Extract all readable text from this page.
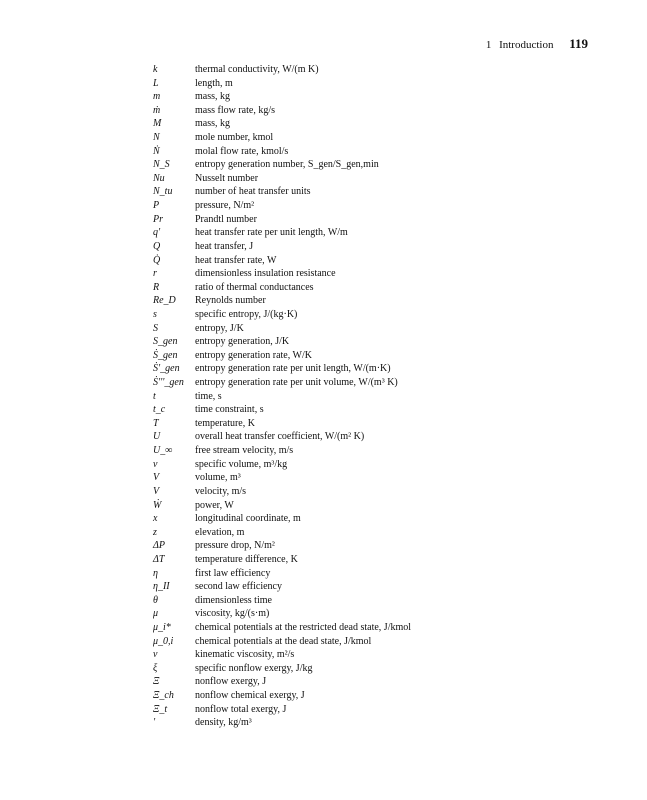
1 Introduction 119
k	thermal conductivity, W/(m K)
L	length, m
m	mass, kg
ṁ	mass flow rate, kg/s
M	mass, kg
N	mole number, kmol
Ṅ	molal flow rate, kmol/s
N_S	entropy generation number, S_gen/S_gen,min
Nu	Nusselt number
N_tu	number of heat transfer units
P	pressure, N/m²
Pr	Prandtl number
q'	heat transfer rate per unit length, W/m
Q	heat transfer, J
Q̇	heat transfer rate, W
r	dimensionless insulation resistance
R	ratio of thermal conductances
Re_D	Reynolds number
s	specific entropy, J/(kg·K)
S	entropy, J/K
S_gen	entropy generation, J/K
Ṡ_gen	entropy generation rate, W/K
Ṡ'_gen	entropy generation rate per unit length, W/(m·K)
Ṡ'''_gen	entropy generation rate per unit volume, W/(m³ K)
t	time, s
t_c	time constraint, s
T	temperature, K
U	overall heat transfer coefficient, W/(m² K)
U_∞	free stream velocity, m/s
v	specific volume, m³/kg
V	volume, m³
V	velocity, m/s
Ẇ	power, W
x	longitudinal coordinate, m
z	elevation, m
ΔP	pressure drop, N/m²
ΔT	temperature difference, K
η	first law efficiency
η_II	second law efficiency
θ	dimensionless time
μ	viscosity, kg/(s·m)
μ_i*	chemical potentials at the restricted dead state, J/kmol
μ_0,i	chemical potentials at the dead state, J/kmol
ν	kinematic viscosity, m²/s
ξ	specific nonflow exergy, J/kg
Ξ	nonflow exergy, J
Ξ_ch	nonflow chemical exergy, J
Ξ_t	nonflow total exergy, J
'	density, kg/m³
